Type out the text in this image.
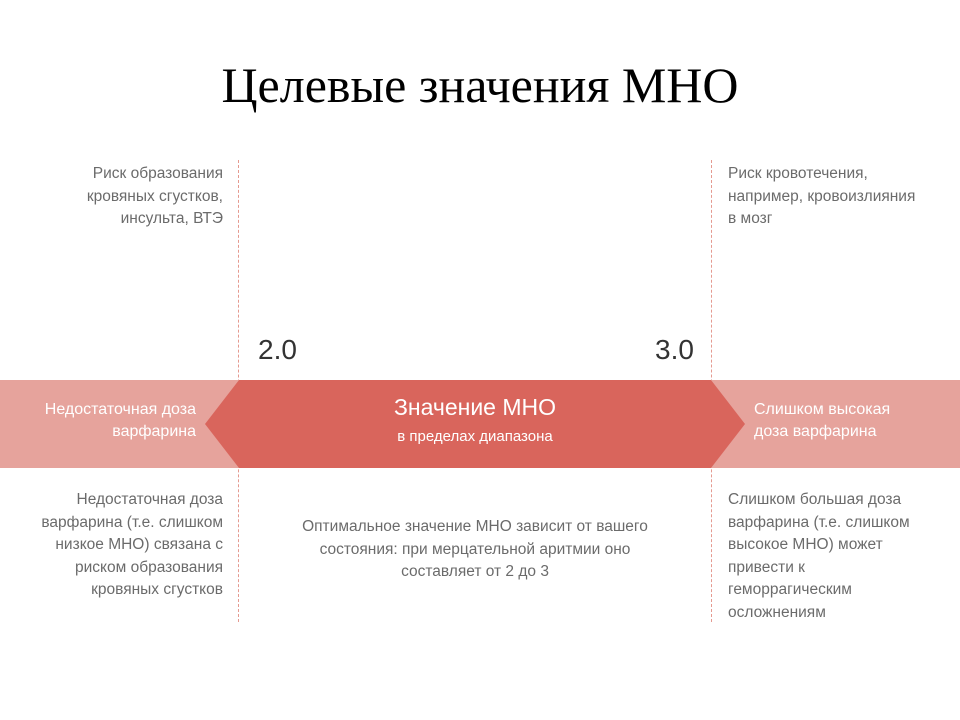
Целевые значения МНО
Риск образования
кровяных сгустков,
инсульта, ВТЭ
Риск кровотечения,
например, кровоизлияния
в мозг
2.0	3.0
Недостаточная доза
варфарина
Значение МНО
в пределах диапазона
Слишком высокая
доза варфарина
Недостаточная доза
варфарина (т.е. слишком
низкое МНО) связана с
риском образования
кровяных сгустков
Оптимальное значение МНО зависит от вашего
состояния: при мерцательной аритмии оно
составляет от 2 до 3
Слишком большая доза
варфарина (т.е. слишком
высокое МНО) может
привести к
геморрагическим
осложнениям
